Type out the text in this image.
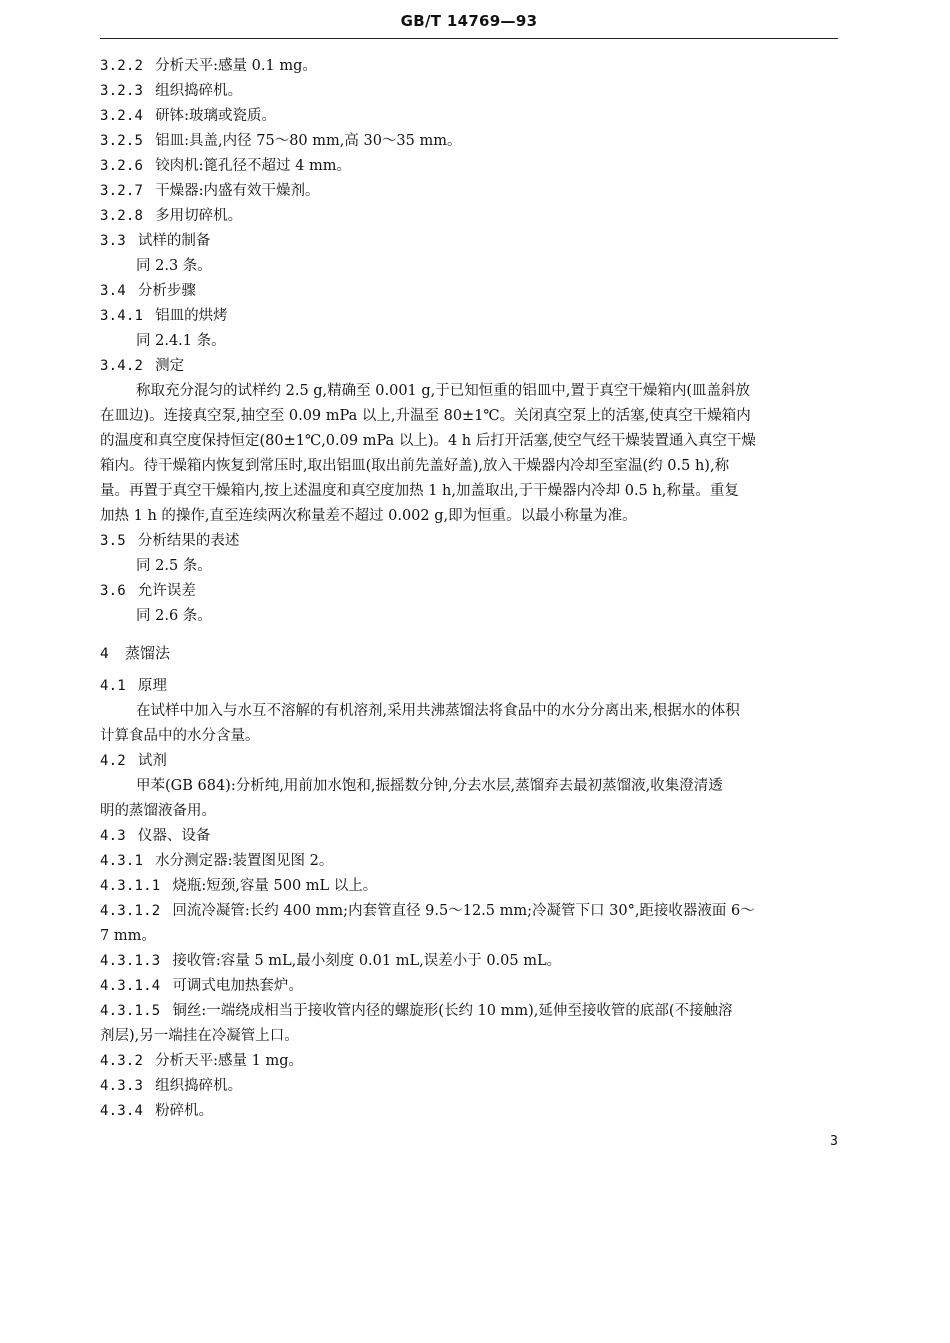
GB/T 14769—93
3.2.2 分析天平:感量 0.1 mg。
3.2.3 组织捣碎机。
3.2.4 研钵:玻璃或瓷质。
3.2.5 铝皿:具盖,内径 75～80 mm,高 30～35 mm。
3.2.6 铰肉机:篦孔径不超过 4 mm。
3.2.7 干燥器:内盛有效干燥剂。
3.2.8 多用切碎机。
3.3 试样的制备
同 2.3 条。
3.4 分析步骤
3.4.1 铝皿的烘烤
同 2.4.1 条。
3.4.2 测定
称取充分混匀的试样约 2.5 g,精确至 0.001 g,于已知恒重的铝皿中,置于真空干燥箱内(皿盖斜放
在皿边)。连接真空泵,抽空至 0.09 mPa 以上,升温至 80±1℃。关闭真空泵上的活塞,使真空干燥箱内
的温度和真空度保持恒定(80±1℃,0.09 mPa 以上)。4 h 后打开活塞,使空气经干燥装置通入真空干燥
箱内。待干燥箱内恢复到常压时,取出铝皿(取出前先盖好盖),放入干燥器内冷却至室温(约 0.5 h),称
量。再置于真空干燥箱内,按上述温度和真空度加热 1 h,加盖取出,于干燥器内冷却 0.5 h,称量。重复
加热 1 h 的操作,直至连续两次称量差不超过 0.002 g,即为恒重。以最小称量为准。
3.5 分析结果的表述
同 2.5 条。
3.6 允许误差
同 2.6 条。
4 蒸馏法
4.1 原理
在试样中加入与水互不溶解的有机溶剂,采用共沸蒸馏法将食品中的水分分离出来,根据水的体积
计算食品中的水分含量。
4.2 试剂
甲苯(GB 684):分析纯,用前加水饱和,振摇数分钟,分去水层,蒸馏弃去最初蒸馏液,收集澄清透
明的蒸馏液备用。
4.3 仪器、设备
4.3.1 水分测定器:装置图见图 2。
4.3.1.1 烧瓶:短颈,容量 500 mL 以上。
4.3.1.2 回流冷凝管:长约 400 mm;内套管直径 9.5～12.5 mm;冷凝管下口 30°,距接收器液面 6～
7 mm。
4.3.1.3 接收管:容量 5 mL,最小刻度 0.01 mL,误差小于 0.05 mL。
4.3.1.4 可调式电加热套炉。
4.3.1.5 铜丝:一端绕成相当于接收管内径的螺旋形(长约 10 mm),延伸至接收管的底部(不接触溶
剂层),另一端挂在冷凝管上口。
4.3.2 分析天平:感量 1 mg。
4.3.3 组织捣碎机。
4.3.4 粉碎机。
3
